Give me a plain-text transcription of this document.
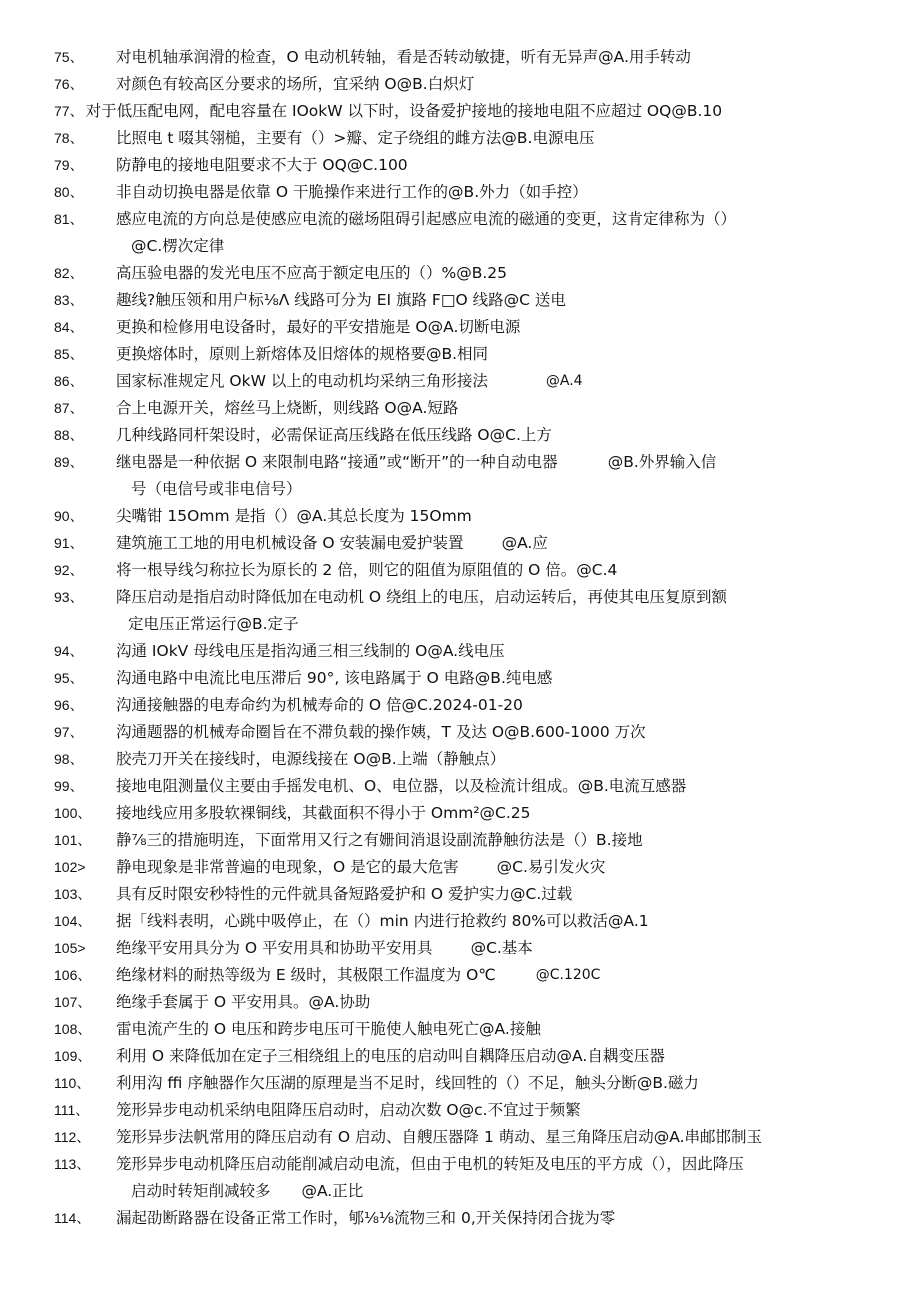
75、	对电机轴承润滑的检查，O 电动机转轴，看是否转动敏捷，听有无异声@A.用手转动
76、	对颜色有较高区分要求的场所，宜采纳 O@B.白炽灯
77、 对于低压配电网，配电容量在 IOokW 以下时，设备爱护接地的接地电阻不应超过 OQ@B.10
78、	比照电 t 啜其翎槌，主要有（）>瓣、定子绕组的雌方法@B.电源电压
79、	防静电的接地电阻要求不大于 OQ@C.100
80、	非自动切换电器是依靠 O 干脆操作来进行工作的@B.外力（如手控）
81、	感应电流的方向总是使感应电流的磁场阻碍引起感应电流的磁通的变更，这肯定律称为（）
@C.楞次定律
82、	高压验电器的发光电压不应高于额定电压的（）%@B.25
83、	趣线?触压领和用户标⅛Λ 线路可分为 EI 旗路 F□O 线路@C 送电
84、	更换和检修用电设备时，最好的平安措施是 O@A.切断电源
85、	更换熔体时，原则上新熔体及旧熔体的规格要@B.相同
86、	国家标准规定凡 OkW 以上的电动机均采纳三角形接法	@A.4
87、	合上电源开关，熔丝马上烧断，则线路 O@A.短路
88、	几种线路同杆架设时，必需保证高压线路在低压线路 O@C.上方
89、	继电器是一种依据 O 来限制电路“接通”或“断开”的一种自动电器	@B.外界输入信
号（电信号或非电信号）
90、	尖嘴钳 15Omm 是指（）@A.其总长度为 15Omm
91、	建筑施工工地的用电机械设备 O 安装漏电爱护装置	@A.应
92、	将一根导线匀称拉长为原长的 2 倍，则它的阻值为原阻值的 O 倍。@C.4
93、	降压启动是指启动时降低加在电动机 O 绕组上的电压，启动运转后，再使其电压复原到额
定电压正常运行@B.定子
94、	沟通 IOkV 母线电压是指沟通三相三线制的 O@A.线电压
95、	沟通电路中电流比电压滞后 90°, 该电路属于 O 电路@B.纯电感
96、	沟通接触器的电寿命约为机械寿命的 O 倍@C.2024-01-20
97、	沟通题器的机械寿命圈旨在不滞负载的操作姨，T 及达 O@B.600-1000 万次
98、	胶壳刀开关在接线时，电源线接在 O@B.上端（静触点）
99、	接地电阻测量仪主要由手摇发电机、O、电位器，以及检流计组成。@B.电流互感器
100、	接地线应用多股软裸铜线，其截面积不得小于 Omm²@C.25
101、	静⅞三的措施明连，下面常用又行之有姗间消退设副流静触彷法是（）B.接地
102>	静电现象是非常普遍的电现象，O 是它的最大危害	@C.易引发火灾
103、	具有反时限安秒特性的元件就具备短路爱护和 O 爱护实力@C.过载
104、	据「线料表明，心跳中吸停止，在（）min 内进行抢救约 80%可以救活@A.1
105>	绝缘平安用具分为 O 平安用具和协助平安用具	@C.基本
106、	绝缘材料的耐热等级为 E 级时，其极限工作温度为 O℃	@C.120C
107、	绝缘手套属于 O 平安用具。@A.协助
108、	雷电流产生的 O 电压和跨步电压可干脆使人触电死亡@A.接触
109、	利用 O 来降低加在定子三相绕组上的电压的启动叫自耦降压启动@A.自耦变压器
110、	利用沟 ffi 序触器作欠压湖的原理是当不足时，线回牲的（）不足，触头分断@B.磁力
111、	笼形异步电动机采纳电阻降压启动时，启动次数 O@c.不宜过于频繁
112、	笼形异步法帆常用的降压启动有 O 启动、自艘压器降 1 萌动、星三角降压启动@A.串邮邯制玉
113、	笼形异步电动机降压启动能削减启动电流，但由于电机的转矩及电压的平方成（），因此降压
启动时转矩削减较多 @A.正比
114、	漏起劭断路器在设备正常工作时，郇⅛⅛流物三和 0,开关保持闭合拢为零
